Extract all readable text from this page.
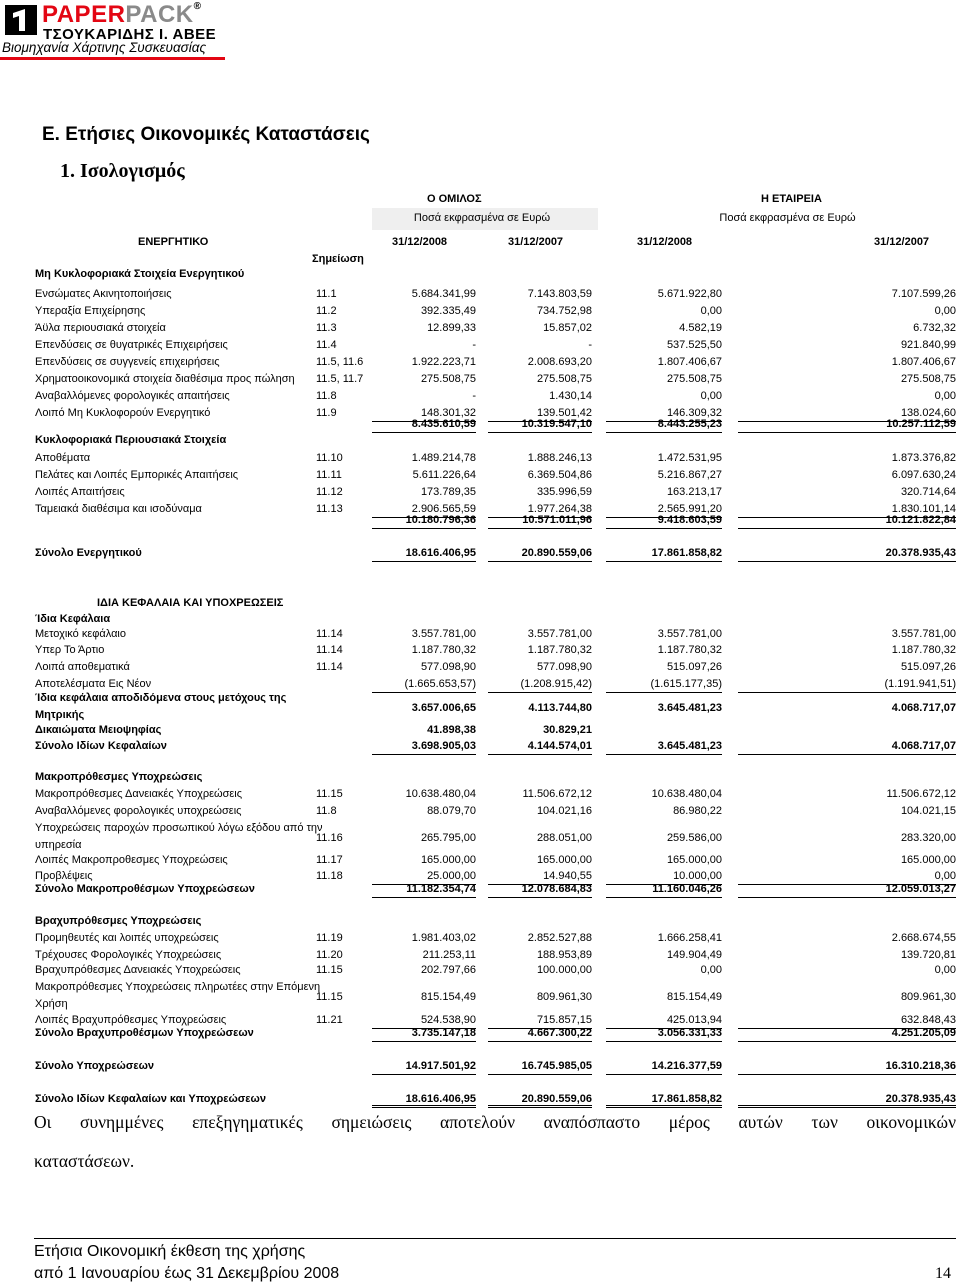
PAPERPACK®
ΤΣΟΥΚΑΡΙΔΗΣ Ι. ΑΒΕΕ
Βιομηχανία Χάρτινης Συσκευασίας
Ε. Ετήσιες Οικονομικές Καταστάσεις
1. Ισολογισμός
Ο ΟΜΙΛΟΣ	Η ΕΤΑΙΡΕΙΑ
Ποσά εκφρασμένα σε Ευρώ	Ποσά εκφρασμένα σε Ευρώ
ΕΝΕΡΓΗΤΙΚΟ	31/12/2008	31/12/2007	31/12/2008	31/12/2007
Σημείωση
Μη Κυκλοφοριακά Στοιχεία Ενεργητικού
Ενσώματες Ακινητοποιήσεις	11.1	5.684.341,99	7.143.803,59	5.671.922,80	7.107.599,26
Υπεραξία Επιχείρησης	11.2	392.335,49	734.752,98	0,00	0,00
Άϋλα περιουσιακά στοιχεία	11.3	12.899,33	15.857,02	4.582,19	6.732,32
Επενδύσεις σε θυγατρικές Επιχειρήσεις	11.4	-	-	537.525,50	921.840,99
Επενδύσεις σε συγγενείς επιχειρήσεις	11.5, 11.6	1.922.223,71	2.008.693,20	1.807.406,67	1.807.406,67
Χρηματοοικονομικά στοιχεία διαθέσιμα προς πώληση 11.5, 11.7	275.508,75	275.508,75	275.508,75	275.508,75
Αναβαλλόμενες φορολογικές απαιτήσεις	11.8	-	1.430,14	0,00	0,00
Λοιπό Μη Κυκλοφορούν Ενεργητικό	11.9	148.301,32	139.501,42	146.309,32	138.024,60
8.435.610,59	10.319.547,10	8.443.255,23	10.257.112,59
Κυκλοφοριακά Περιουσιακά Στοιχεία
Αποθέματα	11.10	1.489.214,78	1.888.246,13	1.472.531,95	1.873.376,82
Πελάτες και Λοιπές Εμπορικές Απαιτήσεις	11.11	5.611.226,64	6.369.504,86	5.216.867,27	6.097.630,24
Λοιπές Απαιτήσεις	11.12	173.789,35	335.996,59	163.213,17	320.714,64
Ταμειακά διαθέσιμα και ισοδύναμα	11.13	2.906.565,59	1.977.264,38	2.565.991,20	1.830.101,14
10.180.796,36	10.571.011,96	9.418.603,59	10.121.822,84
Σύνολο Ενεργητικού	18.616.406,95	20.890.559,06	17.861.858,82	20.378.935,43
ΙΔΙΑ ΚΕΦΑΛΑΙΑ ΚΑΙ ΥΠΟΧΡΕΩΣΕΙΣ
Ίδια Κεφάλαια
Μετοχικό κεφάλαιο	11.14	3.557.781,00	3.557.781,00	3.557.781,00	3.557.781,00
Υπερ Το Άρτιο	11.14	1.187.780,32	1.187.780,32	1.187.780,32	1.187.780,32
Λοιπά αποθεματικά	11.14	577.098,90	577.098,90	515.097,26	515.097,26
Αποτελέσματα Εις Νέον	(1.665.653,57)	(1.208.915,42)	(1.615.177,35)	(1.191.941,51)
Ίδια κεφάλαια αποδιδόμενα στους μετόχους της
Μητρικής
3.657.006,65	4.113.744,80	3.645.481,23	4.068.717,07
Δικαιώματα Μειοψηφίας	41.898,38	30.829,21
Σύνολο Ιδίων Κεφαλαίων	3.698.905,03	4.144.574,01	3.645.481,23	4.068.717,07
Μακροπρόθεσμες Υποχρεώσεις
Μακροπρόθεσμες Δανειακές Υποχρεώσεις	11.15	10.638.480,04	11.506.672,12	10.638.480,04	11.506.672,12
Αναβαλλόμενες φορολογικές υποχρεώσεις	11.8	88.079,70	104.021,16	86.980,22	104.021,15
Υποχρεώσεις παροχών προσωπικού λόγω εξόδου από την
υπηρεσία
11.16	265.795,00	288.051,00	259.586,00	283.320,00
Λοιπές Μακροπροθεσμες Υποχρεώσεις	11.17	165.000,00	165.000,00	165.000,00	165.000,00
Προβλέψεις	11.18	25.000,00	14.940,55	10.000,00	0,00
Σύνολο Μακροπροθέσμων Υποχρεώσεων	11.182.354,74	12.078.684,83	11.160.046,26	12.059.013,27
Βραχυπρόθεσμες Υποχρεώσεις
Προμηθευτές και λοιπές υποχρεώσεις	11.19	1.981.403,02	2.852.527,88	1.666.258,41	2.668.674,55
Τρέχουσες Φορολογικές Υποχρεώσεις	11.20	211.253,11	188.953,89	149.904,49	139.720,81
Βραχυπρόθεσμες Δανειακές Υποχρεώσεις	11.15	202.797,66	100.000,00	0,00	0,00
Μακροπρόθεσμες Υποχρεώσεις πληρωτέες στην Επόμενη
Χρήση
11.15	815.154,49	809.961,30	815.154,49	809.961,30
Λοιπές Βραχυπρόθεσμες Υποχρεώσεις	11.21	524.538,90	715.857,15	425.013,94	632.848,43
Σύνολο Βραχυπροθέσμων Υποχρεώσεων	3.735.147,18	4.667.300,22	3.056.331,33	4.251.205,09
Σύνολο Υποχρεώσεων	14.917.501,92	16.745.985,05	14.216.377,59	16.310.218,36
Σύνολο Ιδίων Κεφαλαίων και Υποχρεώσεων	18.616.406,95	20.890.559,06	17.861.858,82	20.378.935,43
Οι συνημμένες επεξηγηματικές σημειώσεις αποτελούν αναπόσπαστο μέρος αυτών των οικονομικών
καταστάσεων.
Ετήσια Οικονομική έκθεση της χρήσης
από 1 Ιανουαρίου έως 31 Δεκεμβρίου 2008	14
